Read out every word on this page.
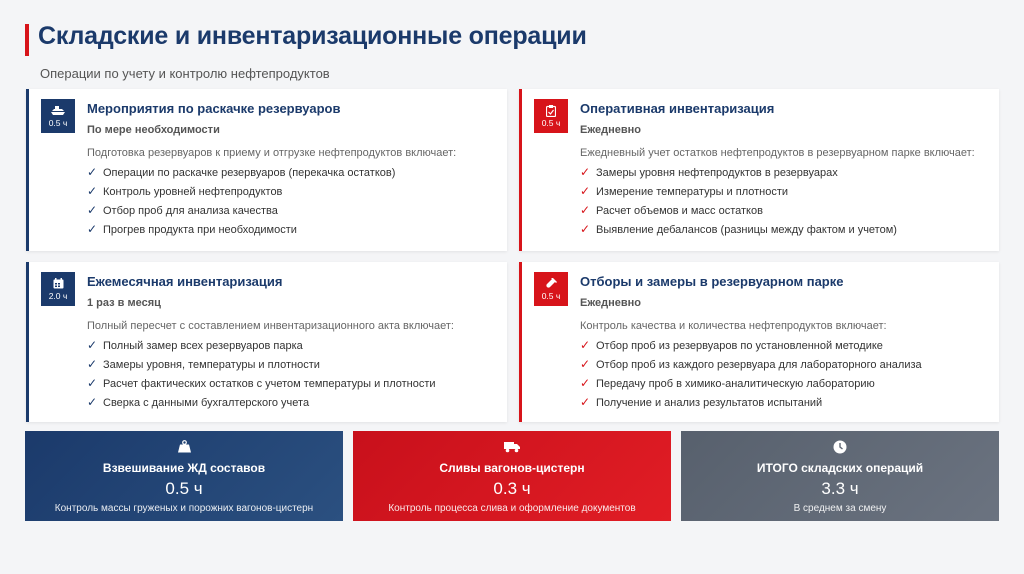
Складские и инвентаризационные операции
Операции по учету и контролю нефтепродуктов
0.5 ч
Мероприятия по раскачке резервуаров
По мере необходимости
Подготовка резервуаров к приему и отгрузке нефтепродуктов включает:
✓ Операции по раскачке резервуаров (перекачка остатков)
✓ Контроль уровней нефтепродуктов
✓ Отбор проб для анализа качества
✓ Прогрев продукта при необходимости
0.5 ч
Оперативная инвентаризация
Ежедневно
Ежедневный учет остатков нефтепродуктов в резервуарном парке включает:
✓ Замеры уровня нефтепродуктов в резервуарах
✓ Измерение температуры и плотности
✓ Расчет объемов и масс остатков
✓ Выявление дебалансов (разницы между фактом и учетом)
2.0 ч
Ежемесячная инвентаризация
1 раз в месяц
Полный пересчет с составлением инвентаризационного акта включает:
✓ Полный замер всех резервуаров парка
✓ Замеры уровня, температуры и плотности
✓ Расчет фактических остатков с учетом температуры и плотности
✓ Сверка с данными бухгалтерского учета
0.5 ч
Отборы и замеры в резервуарном парке
Ежедневно
Контроль качества и количества нефтепродуктов включает:
✓ Отбор проб из резервуаров по установленной методике
✓ Отбор проб из каждого резервуара для лабораторного анализа
✓ Передачу проб в химико-аналитическую лабораторию
✓ Получение и анализ результатов испытаний
Взвешивание ЖД составов
0.5 ч
Контроль массы груженых и порожних вагонов-цистерн
Сливы вагонов-цистерн
0.3 ч
Контроль процесса слива и оформление документов
ИТОГО складских операций
3.3 ч
В среднем за смену
